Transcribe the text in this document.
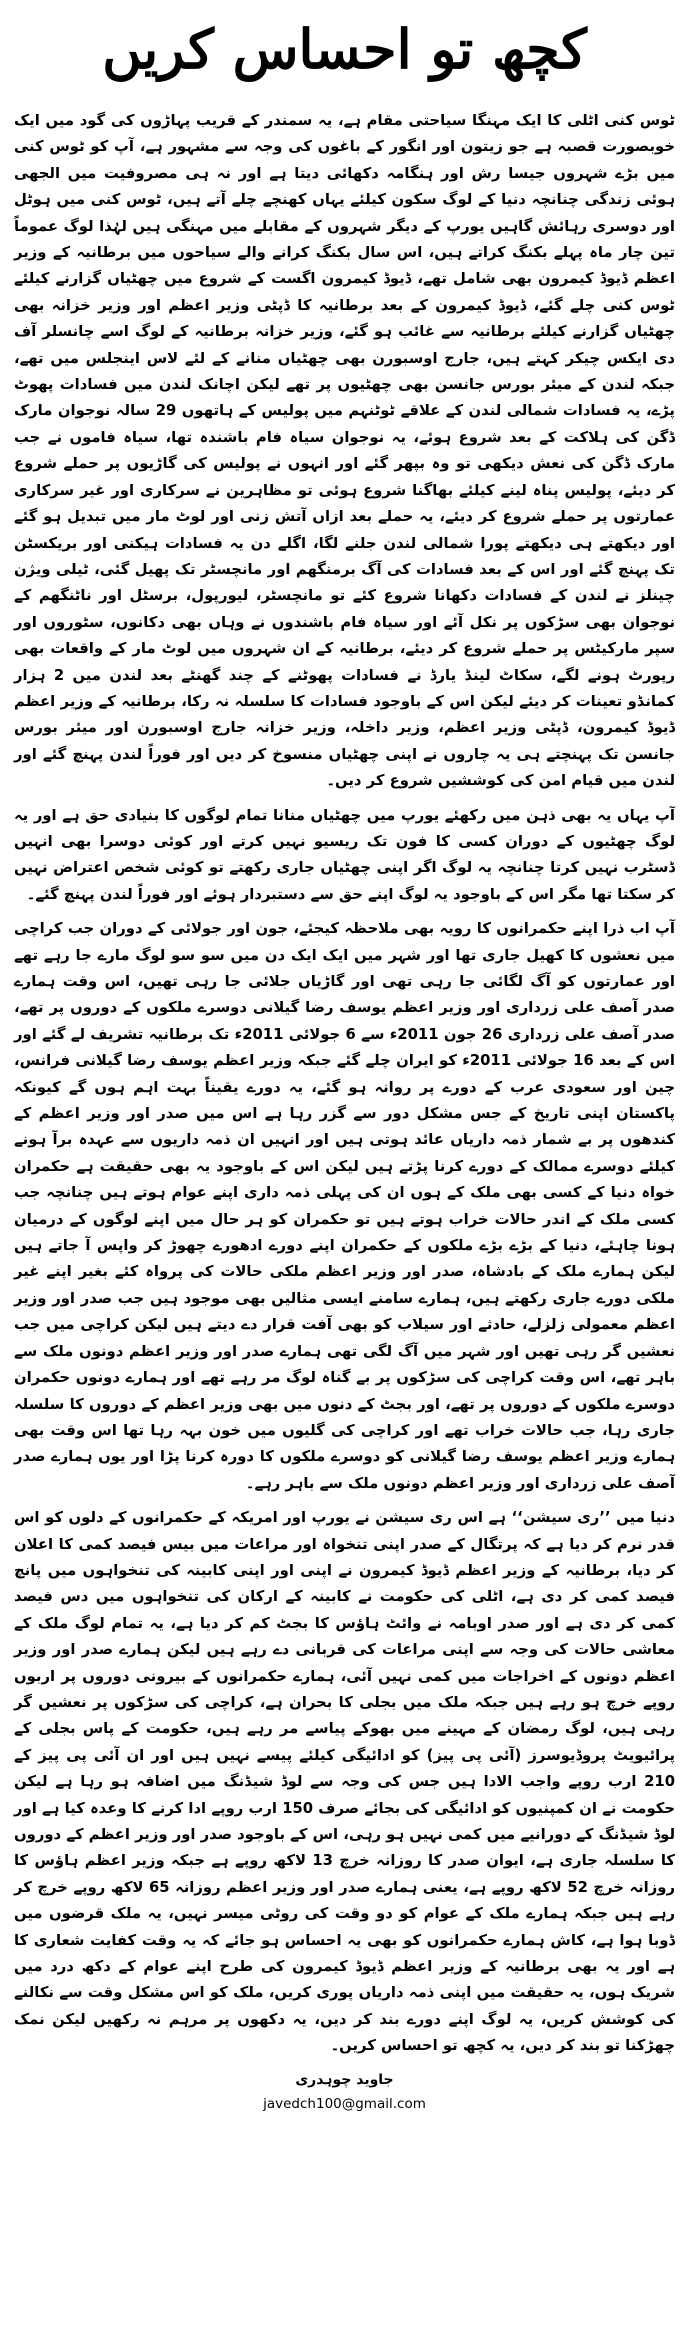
کچھ تو احساس کریں

ٹوس کنی اٹلی کا ایک مہنگا سیاحتی مقام ہے، یہ سمندر کے قریب پہاڑوں کی گود میں ایک خوبصورت قصبہ ہے جو زیتون اور انگور کے باغوں کی وجہ سے مشہور ہے، آپ کو ٹوس کنی میں بڑے شہروں جیسا رش اور ہنگامہ دکھائی دیتا ہے اور نہ ہی مصروفیت میں الجھی ہوئی زندگی چنانچہ دنیا کے لوگ سکون کیلئے یہاں کھنچے چلے آتے ہیں، ٹوس کنی میں ہوٹل اور دوسری رہائش گاہیں یورپ کے دیگر شہروں کے مقابلے میں مہنگی ہیں لہٰذا لوگ عموماً تین چار ماہ پہلے بکنگ کراتے ہیں، اس سال بکنگ کرانے والے سیاحوں میں برطانیہ کے وزیر اعظم ڈیوڈ کیمرون بھی شامل تھے، ڈیوڈ کیمرون اگست کے شروع میں چھٹیاں گزارنے کیلئے ٹوس کنی چلے گئے، ڈیوڈ کیمرون کے بعد برطانیہ کا ڈپٹی وزیر اعظم اور وزیر خزانہ بھی چھٹیاں گزارنے کیلئے برطانیہ سے غائب ہو گئے، وزیر خزانہ برطانیہ کے لوگ اسے چانسلر آف دی ایکس چیکر کہتے ہیں، جارج اوسبورن بھی چھٹیاں منانے کے لئے لاس اینجلس میں تھے، جبکہ لندن کے میئر بورس جانسن بھی چھٹیوں پر تھے لیکن اچانک لندن میں فسادات پھوٹ پڑے، یہ فسادات شمالی لندن کے علاقے ٹوٹنہم میں پولیس کے ہاتھوں 29 سالہ نوجوان مارک ڈگن کی ہلاکت کے بعد شروع ہوئے، یہ نوجوان سیاہ فام باشندہ تھا، سیاہ فاموں نے جب مارک ڈگن کی نعش دیکھی تو وہ بپھر گئے اور انہوں نے پولیس کی گاڑیوں پر حملے شروع کر دیئے، پولیس پناہ لینے کیلئے بھاگنا شروع ہوئی تو مظاہرین نے سرکاری اور غیر سرکاری عمارتوں پر حملے شروع کر دیئے، یہ حملے بعد ازاں آتش زنی اور لوٹ مار میں تبدیل ہو گئے اور دیکھتے ہی دیکھتے پورا شمالی لندن جلنے لگا، اگلے دن یہ فسادات ہیکنی اور بریکسٹن تک پہنچ گئے اور اس کے بعد فسادات کی آگ برمنگھم اور مانچسٹر تک پھیل گئی، ٹیلی ویژن چینلز نے لندن کے فسادات دکھانا شروع کئے تو مانچسٹر، لیورپول، برسٹل اور ناٹنگھم کے نوجوان بھی سڑکوں پر نکل آئے اور سیاہ فام باشندوں نے وہاں بھی دکانوں، سٹوروں اور سپر مارکیٹس پر حملے شروع کر دیئے، برطانیہ کے ان شہروں میں لوٹ مار کے واقعات بھی رپورٹ ہونے لگے، سکاٹ لینڈ یارڈ نے فسادات پھوٹنے کے چند گھنٹے بعد لندن میں 2 ہزار کمانڈو تعینات کر دیئے لیکن اس کے باوجود فسادات کا سلسلہ نہ رکا، برطانیہ کے وزیر اعظم ڈیوڈ کیمرون، ڈپٹی وزیر اعظم، وزیر داخلہ، وزیر خزانہ جارج اوسبورن اور میئر بورس جانسن تک پہنچتے ہی یہ چاروں نے اپنی چھٹیاں منسوخ کر دیں اور فوراً لندن پہنچ گئے اور لندن میں قیام امن کی کوششیں شروع کر دیں۔

آپ یہاں یہ بھی ذہن میں رکھئے یورپ میں چھٹیاں منانا تمام لوگوں کا بنیادی حق ہے اور یہ لوگ چھٹیوں کے دوران کسی کا فون تک ریسیو نہیں کرتے اور کوئی دوسرا بھی انہیں ڈسٹرب نہیں کرتا چنانچہ یہ لوگ اگر اپنی چھٹیاں جاری رکھتے تو کوئی شخص اعتراض نہیں کر سکتا تھا مگر اس کے باوجود یہ لوگ اپنے حق سے دستبردار ہوئے اور فوراً لندن پہنچ گئے۔

آپ اب ذرا اپنے حکمرانوں کا رویہ بھی ملاحظہ کیجئے، جون اور جولائی کے دوران جب کراچی میں نعشوں کا کھیل جاری تھا اور شہر میں ایک ایک دن میں سو سو لوگ مارے جا رہے تھے اور عمارتوں کو آگ لگائی جا رہی تھی اور گاڑیاں جلائی جا رہی تھیں، اس وقت ہمارے صدر آصف علی زرداری اور وزیر اعظم یوسف رضا گیلانی دوسرے ملکوں کے دوروں پر تھے، صدر آصف علی زرداری 26 جون 2011ء سے 6 جولائی 2011ء تک برطانیہ تشریف لے گئے اور اس کے بعد 16 جولائی 2011ء کو ایران چلے گئے جبکہ وزیر اعظم یوسف رضا گیلانی فرانس، چین اور سعودی عرب کے دورے پر روانہ ہو گئے، یہ دورے یقیناً بہت اہم ہوں گے کیونکہ پاکستان اپنی تاریخ کے جس مشکل دور سے گزر رہا ہے اس میں صدر اور وزیر اعظم کے کندھوں پر بے شمار ذمہ داریاں عائد ہوتی ہیں اور انہیں ان ذمہ داریوں سے عہدہ برآ ہونے کیلئے دوسرے ممالک کے دورے کرنا پڑتے ہیں لیکن اس کے باوجود یہ بھی حقیقت ہے حکمران خواہ دنیا کے کسی بھی ملک کے ہوں ان کی پہلی ذمہ داری اپنے عوام ہوتے ہیں چنانچہ جب کسی ملک کے اندر حالات خراب ہوتے ہیں تو حکمران کو ہر حال میں اپنے لوگوں کے درمیان ہونا چاہئے، دنیا کے بڑے بڑے ملکوں کے حکمران اپنے دورے ادھورے چھوڑ کر واپس آ جاتے ہیں لیکن ہمارے ملک کے بادشاہ، صدر اور وزیر اعظم ملکی حالات کی پرواہ کئے بغیر اپنے غیر ملکی دورے جاری رکھتے ہیں، ہمارے سامنے ایسی مثالیں بھی موجود ہیں جب صدر اور وزیر اعظم معمولی زلزلے، حادثے اور سیلاب کو بھی آفت قرار دے دیتے ہیں لیکن کراچی میں جب نعشیں گر رہی تھیں اور شہر میں آگ لگی تھی ہمارے صدر اور وزیر اعظم دونوں ملک سے باہر تھے، اس وقت کراچی کی سڑکوں پر بے گناہ لوگ مر رہے تھے اور ہمارے دونوں حکمران دوسرے ملکوں کے دوروں پر تھے، اور بجٹ کے دنوں میں بھی وزیر اعظم کے دوروں کا سلسلہ جاری رہا، جب حالات خراب تھے اور کراچی کی گلیوں میں خون بہہ رہا تھا اس وقت بھی ہمارے وزیر اعظم یوسف رضا گیلانی کو دوسرے ملکوں کا دورہ کرنا پڑا اور یوں ہمارے صدر آصف علی زرداری اور وزیر اعظم دونوں ملک سے باہر رہے۔

دنیا میں ’’ری سیشن‘‘ ہے اس ری سیشن نے یورپ اور امریکہ کے حکمرانوں کے دلوں کو اس قدر نرم کر دیا ہے کہ پرتگال کے صدر اپنی تنخواہ اور مراعات میں بیس فیصد کمی کا اعلان کر دیا، برطانیہ کے وزیر اعظم ڈیوڈ کیمرون نے اپنی اور اپنی کابینہ کی تنخواہوں میں پانچ فیصد کمی کر دی ہے، اٹلی کی حکومت نے کابینہ کے ارکان کی تنخواہوں میں دس فیصد کمی کر دی ہے اور صدر اوبامہ نے وائٹ ہاؤس کا بجٹ کم کر دیا ہے، یہ تمام لوگ ملک کے معاشی حالات کی وجہ سے اپنی مراعات کی قربانی دے رہے ہیں لیکن ہمارے صدر اور وزیر اعظم دونوں کے اخراجات میں کمی نہیں آئی، ہمارے حکمرانوں کے بیرونی دوروں پر اربوں روپے خرچ ہو رہے ہیں جبکہ ملک میں بجلی کا بحران ہے، کراچی کی سڑکوں پر نعشیں گر رہی ہیں، لوگ رمضان کے مہینے میں بھوکے پیاسے مر رہے ہیں، حکومت کے پاس بجلی کے پرائیویٹ پروڈیوسرز (آئی پی پیز) کو ادائیگی کیلئے پیسے نہیں ہیں اور ان آئی پی پیز کے 210 ارب روپے واجب الادا ہیں جس کی وجہ سے لوڈ شیڈنگ میں اضافہ ہو رہا ہے لیکن حکومت نے ان کمپنیوں کو ادائیگی کی بجائے صرف 150 ارب روپے ادا کرنے کا وعدہ کیا ہے اور لوڈ شیڈنگ کے دورانیے میں کمی نہیں ہو رہی، اس کے باوجود صدر اور وزیر اعظم کے دوروں کا سلسلہ جاری ہے، ایوان صدر کا روزانہ خرچ 13 لاکھ روپے ہے جبکہ وزیر اعظم ہاؤس کا روزانہ خرچ 52 لاکھ روپے ہے، یعنی ہمارے صدر اور وزیر اعظم روزانہ 65 لاکھ روپے خرچ کر رہے ہیں جبکہ ہمارے ملک کے عوام کو دو وقت کی روٹی میسر نہیں، یہ ملک قرضوں میں ڈوبا ہوا ہے، کاش ہمارے حکمرانوں کو بھی یہ احساس ہو جائے کہ یہ وقت کفایت شعاری کا ہے اور یہ بھی برطانیہ کے وزیر اعظم ڈیوڈ کیمرون کی طرح اپنے عوام کے دکھ درد میں شریک ہوں، یہ حقیقت میں اپنی ذمہ داریاں پوری کریں، ملک کو اس مشکل وقت سے نکالنے کی کوشش کریں، یہ لوگ اپنے دورے بند کر دیں، یہ دکھوں پر مرہم نہ رکھیں لیکن نمک چھڑکنا تو بند کر دیں، یہ کچھ تو احساس کریں۔

جاوید چوہدری
javedch100@gmail.com
